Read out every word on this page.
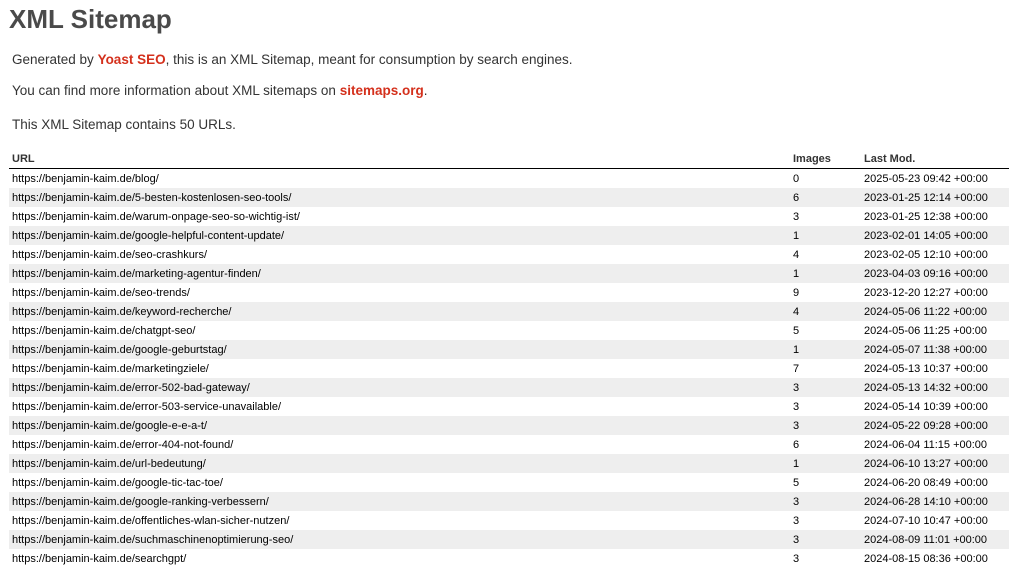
XML Sitemap

Generated by Yoast SEO, this is an XML Sitemap, meant for consumption by search engines.

You can find more information about XML sitemaps on sitemaps.org.

This XML Sitemap contains 50 URLs.

URL	Images	Last Mod.
https://benjamin-kaim.de/blog/	0	2025-05-23 09:42 +00:00
https://benjamin-kaim.de/5-besten-kostenlosen-seo-tools/	6	2023-01-25 12:14 +00:00
https://benjamin-kaim.de/warum-onpage-seo-so-wichtig-ist/	3	2023-01-25 12:38 +00:00
https://benjamin-kaim.de/google-helpful-content-update/	1	2023-02-01 14:05 +00:00
https://benjamin-kaim.de/seo-crashkurs/	4	2023-02-05 12:10 +00:00
https://benjamin-kaim.de/marketing-agentur-finden/	1	2023-04-03 09:16 +00:00
https://benjamin-kaim.de/seo-trends/	9	2023-12-20 12:27 +00:00
https://benjamin-kaim.de/keyword-recherche/	4	2024-05-06 11:22 +00:00
https://benjamin-kaim.de/chatgpt-seo/	5	2024-05-06 11:25 +00:00
https://benjamin-kaim.de/google-geburtstag/	1	2024-05-07 11:38 +00:00
https://benjamin-kaim.de/marketingziele/	7	2024-05-13 10:37 +00:00
https://benjamin-kaim.de/error-502-bad-gateway/	3	2024-05-13 14:32 +00:00
https://benjamin-kaim.de/error-503-service-unavailable/	3	2024-05-14 10:39 +00:00
https://benjamin-kaim.de/google-e-e-a-t/	3	2024-05-22 09:28 +00:00
https://benjamin-kaim.de/error-404-not-found/	6	2024-06-04 11:15 +00:00
https://benjamin-kaim.de/url-bedeutung/	1	2024-06-10 13:27 +00:00
https://benjamin-kaim.de/google-tic-tac-toe/	5	2024-06-20 08:49 +00:00
https://benjamin-kaim.de/google-ranking-verbessern/	3	2024-06-28 14:10 +00:00
https://benjamin-kaim.de/offentliches-wlan-sicher-nutzen/	3	2024-07-10 10:47 +00:00
https://benjamin-kaim.de/suchmaschinenoptimierung-seo/	3	2024-08-09 11:01 +00:00
https://benjamin-kaim.de/searchgpt/	3	2024-08-15 08:36 +00:00
